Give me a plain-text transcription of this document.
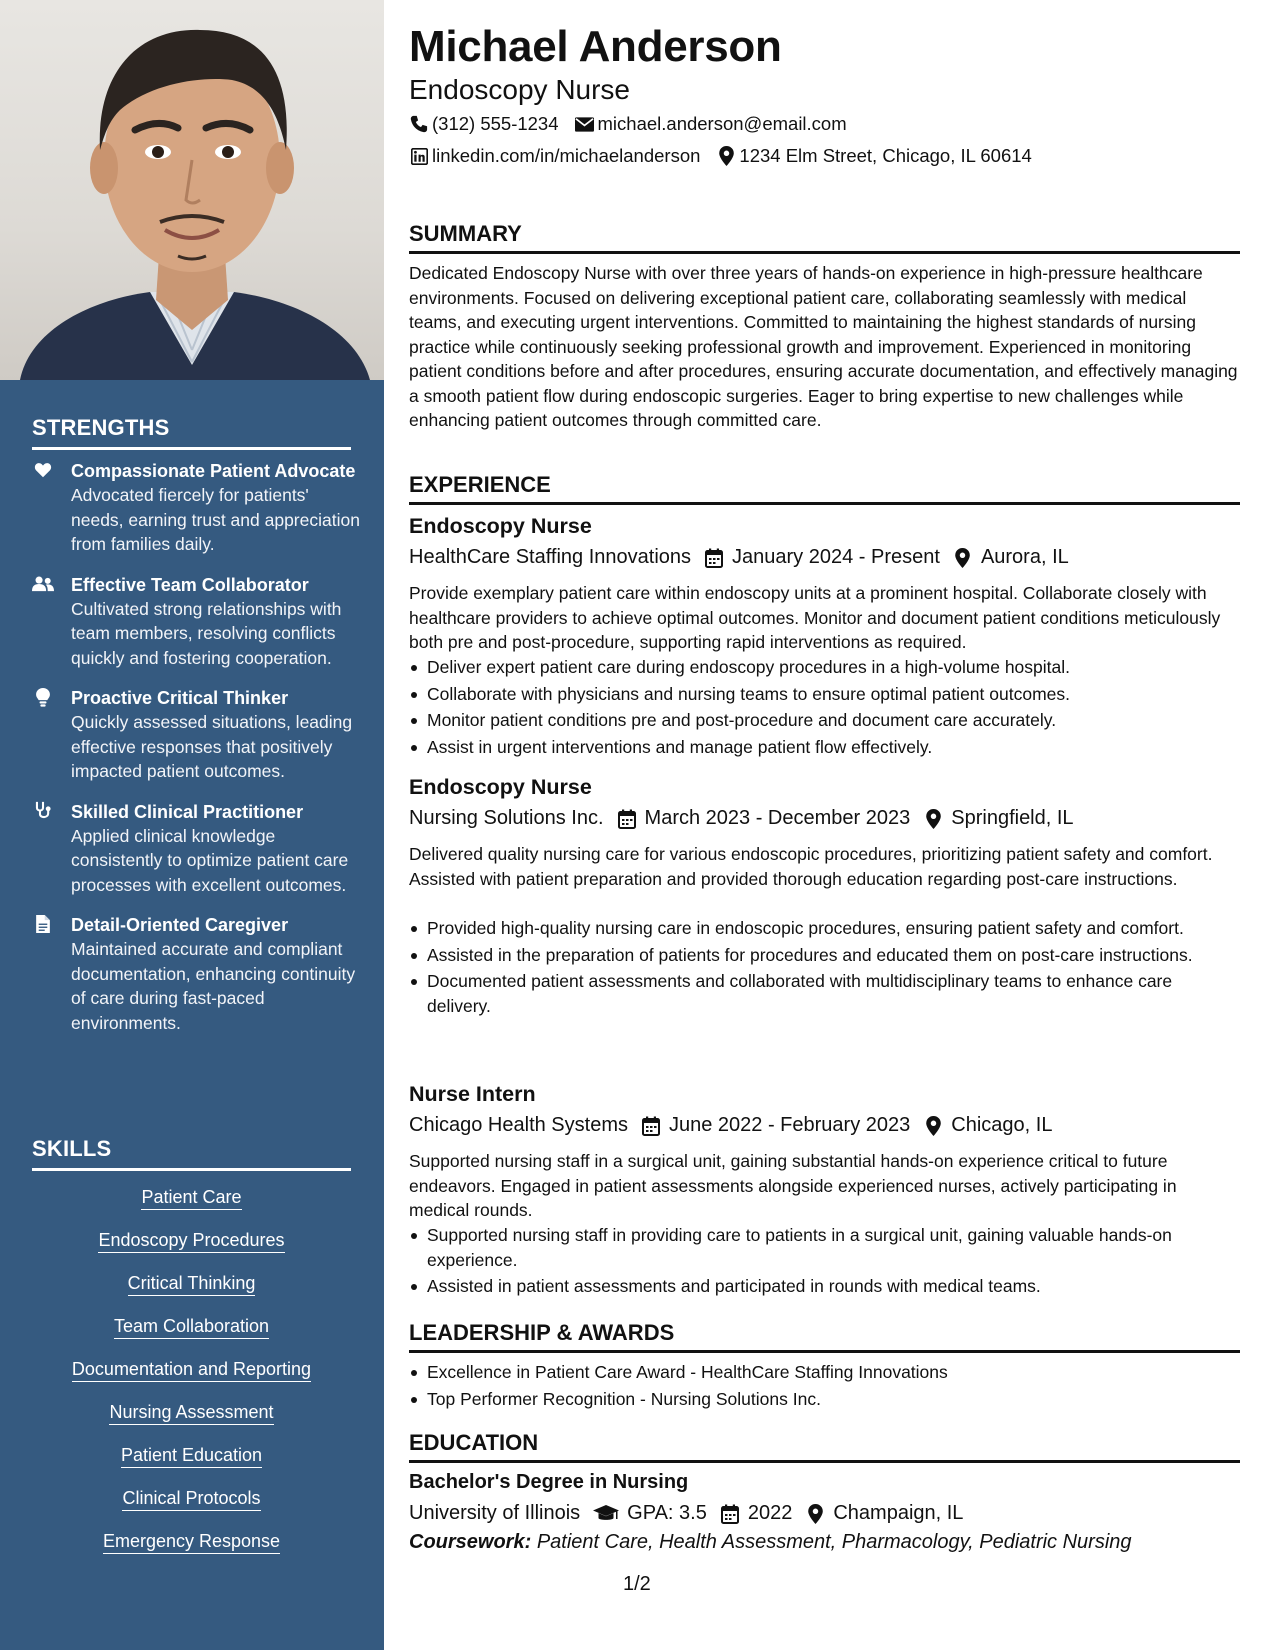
STRENGTHS
Compassionate Patient Advocate
Advocated fiercely for patients' needs, earning trust and appreciation from families daily.
Effective Team Collaborator
Cultivated strong relationships with team members, resolving conflicts quickly and fostering cooperation.
Proactive Critical Thinker
Quickly assessed situations, leading effective responses that positively impacted patient outcomes.
Skilled Clinical Practitioner
Applied clinical knowledge consistently to optimize patient care processes with excellent outcomes.
Detail-Oriented Caregiver
Maintained accurate and compliant documentation, enhancing continuity of care during fast-paced environments.
SKILLS
Patient Care
Endoscopy Procedures
Critical Thinking
Team Collaboration
Documentation and Reporting
Nursing Assessment
Patient Education
Clinical Protocols
Emergency Response
Michael Anderson
Endoscopy Nurse
(312) 555-1234 michael.anderson@email.com
linkedin.com/in/michaelanderson 1234 Elm Street, Chicago, IL 60614
SUMMARY
Dedicated Endoscopy Nurse with over three years of hands-on experience in high-pressure healthcare environments. Focused on delivering exceptional patient care, collaborating seamlessly with medical teams, and executing urgent interventions. Committed to maintaining the highest standards of nursing practice while continuously seeking professional growth and improvement. Experienced in monitoring patient conditions before and after procedures, ensuring accurate documentation, and effectively managing a smooth patient flow during endoscopic surgeries. Eager to bring expertise to new challenges while enhancing patient outcomes through committed care.
EXPERIENCE
Endoscopy Nurse
HealthCare Staffing Innovations January 2024 - Present Aurora, IL
Provide exemplary patient care within endoscopy units at a prominent hospital. Collaborate closely with healthcare providers to achieve optimal outcomes. Monitor and document patient conditions meticulously both pre and post-procedure, supporting rapid interventions as required.
Deliver expert patient care during endoscopy procedures in a high-volume hospital.
Collaborate with physicians and nursing teams to ensure optimal patient outcomes.
Monitor patient conditions pre and post-procedure and document care accurately.
Assist in urgent interventions and manage patient flow effectively.
Endoscopy Nurse
Nursing Solutions Inc. March 2023 - December 2023 Springfield, IL
Delivered quality nursing care for various endoscopic procedures, prioritizing patient safety and comfort. Assisted with patient preparation and provided thorough education regarding post-care instructions.
Provided high-quality nursing care in endoscopic procedures, ensuring patient safety and comfort.
Assisted in the preparation of patients for procedures and educated them on post-care instructions.
Documented patient assessments and collaborated with multidisciplinary teams to enhance care delivery.
Nurse Intern
Chicago Health Systems June 2022 - February 2023 Chicago, IL
Supported nursing staff in a surgical unit, gaining substantial hands-on experience critical to future endeavors. Engaged in patient assessments alongside experienced nurses, actively participating in medical rounds.
Supported nursing staff in providing care to patients in a surgical unit, gaining valuable hands-on experience.
Assisted in patient assessments and participated in rounds with medical teams.
LEADERSHIP & AWARDS
Excellence in Patient Care Award - HealthCare Staffing Innovations
Top Performer Recognition - Nursing Solutions Inc.
EDUCATION
Bachelor's Degree in Nursing
University of Illinois GPA: 3.5 2022 Champaign, IL
Coursework: Patient Care, Health Assessment, Pharmacology, Pediatric Nursing
1/2
